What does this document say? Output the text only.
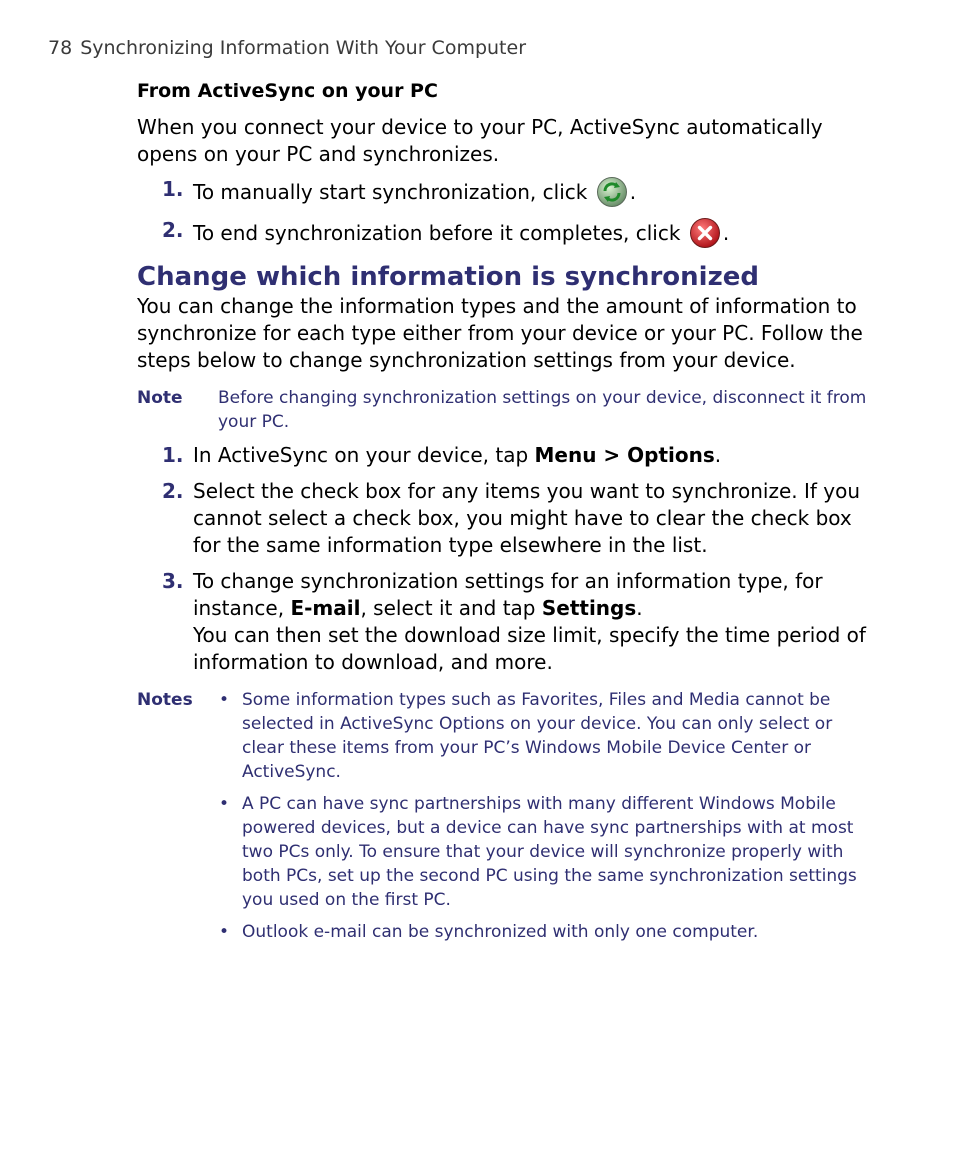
78 Synchronizing Information With Your Computer
From ActiveSync on your PC

When you connect your device to your PC, ActiveSync automatically opens on your PC and synchronizes.

1. To manually start synchronization, click .
2. To end synchronization before it completes, click .
Change which information is synchronized

You can change the information types and the amount of information to synchronize for each type either from your device or your PC. Follow the steps below to change synchronization settings from your device.

Note Before changing synchronization settings on your device, disconnect it from your PC.
1. In ActiveSync on your device, tap Menu > Options.
2. Select the check box for any items you want to synchronize. If you cannot select a check box, you might have to clear the check box for the same information type elsewhere in the list.
3. To change synchronization settings for an information type, for instance, E-mail, select it and tap Settings.
You can then set the download size limit, specify the time period of information to download, and more.
Notes • Some information types such as Favorites, Files and Media cannot be selected in ActiveSync Options on your device. You can only select or clear these items from your PC’s Windows Mobile Device Center or ActiveSync.
• A PC can have sync partnerships with many different Windows Mobile powered devices, but a device can have sync partnerships with at most two PCs only. To ensure that your device will synchronize properly with both PCs, set up the second PC using the same synchronization settings you used on the first PC.
• Outlook e-mail can be synchronized with only one computer.
